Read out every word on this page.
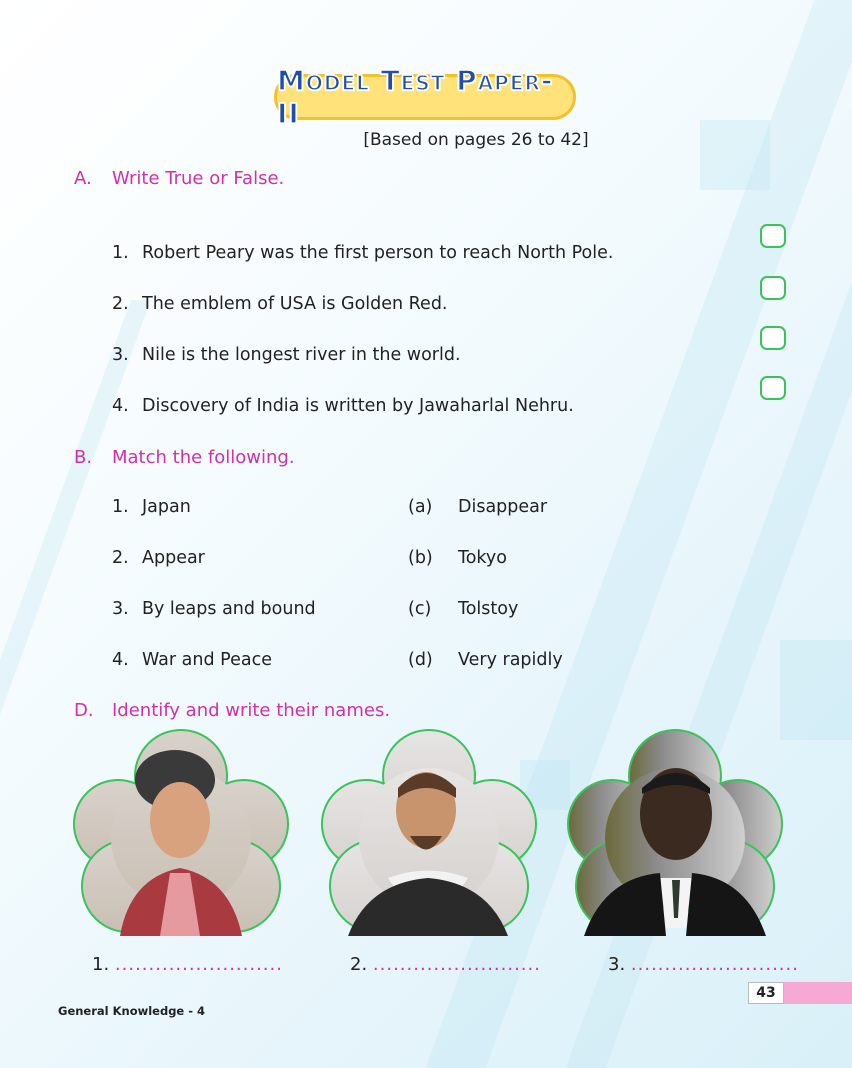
Model Test Paper-II
[Based on pages 26 to 42]
A. Write True or False.
1. Robert Peary was the first person to reach North Pole.
2. The emblem of USA is Golden Red.
3. Nile is the longest river in the world.
4. Discovery of India is written by Jawaharlal Nehru.
B. Match the following.
1. Japan	(a) Disappear
2. Appear	(b) Tokyo
3. By leaps and bound	(c) Tolstoy
4. War and Peace	(d) Very rapidly
D. Identify and write their names.
1. .........................	2. .........................	3. .........................
General Knowledge - 4
43
